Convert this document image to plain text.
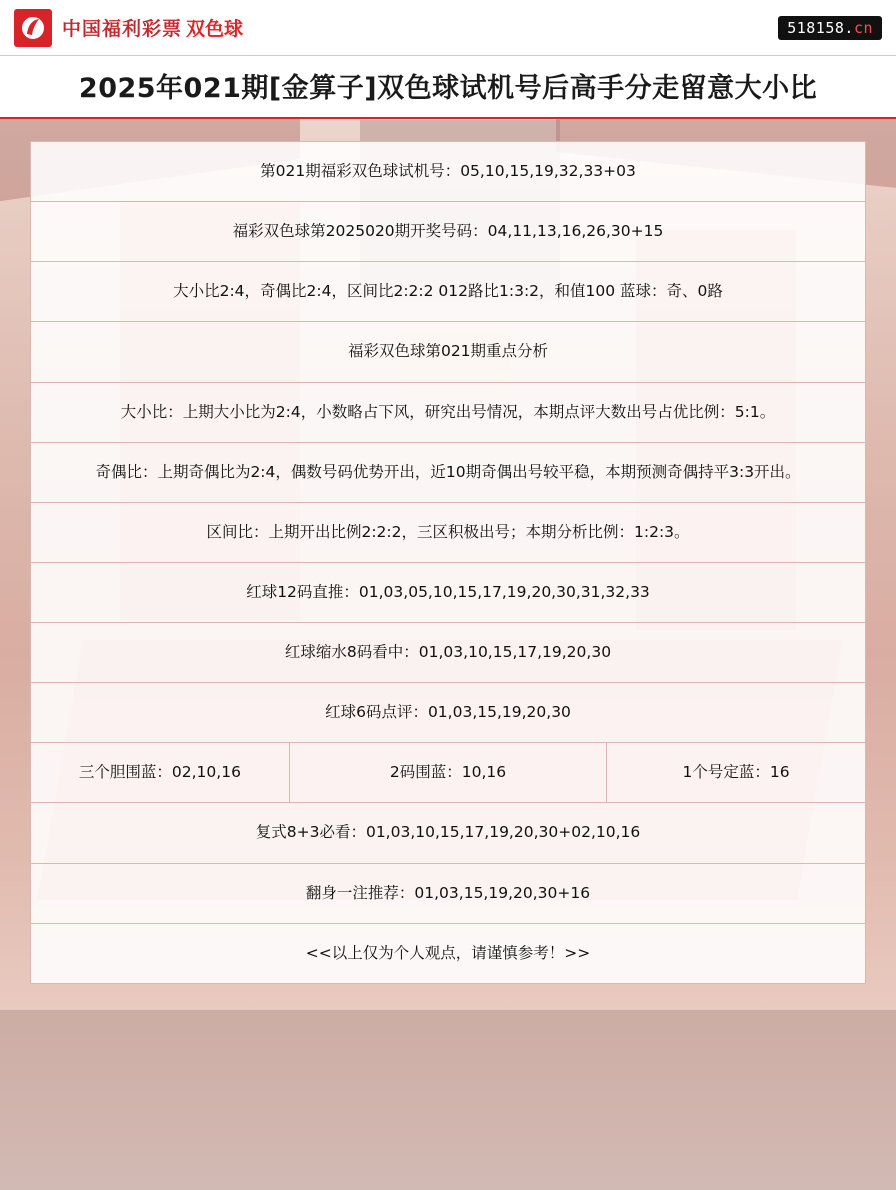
中国福利彩票 双色球	518158.cn
2025年021期[金算子]双色球试机号后高手分走留意大小比
第021期福彩双色球试机号：05,10,15,19,32,33+03
福彩双色球第2025020期开奖号码：04,11,13,16,26,30+15
大小比2:4，奇偶比2:4，区间比2:2:2 012路比1:3:2，和值100 蓝球：奇、0路
福彩双色球第021期重点分析
大小比：上期大小比为2:4，小数略占下风，研究出号情况，本期点评大数出号占优比例：5:1。
奇偶比：上期奇偶比为2:4，偶数号码优势开出，近10期奇偶出号较平稳，本期预测奇偶持平3:3开出。
区间比：上期开出比例2:2:2，三区积极出号；本期分析比例：1:2:3。
红球12码直推：01,03,05,10,15,17,19,20,30,31,32,33
红球缩水8码看中：01,03,10,15,17,19,20,30
红球6码点评：01,03,15,19,20,30
三个胆围蓝：02,10,16	2码围蓝：10,16	1个号定蓝：16
复式8+3必看：01,03,10,15,17,19,20,30+02,10,16
翻身一注推荐：01,03,15,19,20,30+16
<<以上仅为个人观点，请谨慎参考！>>
